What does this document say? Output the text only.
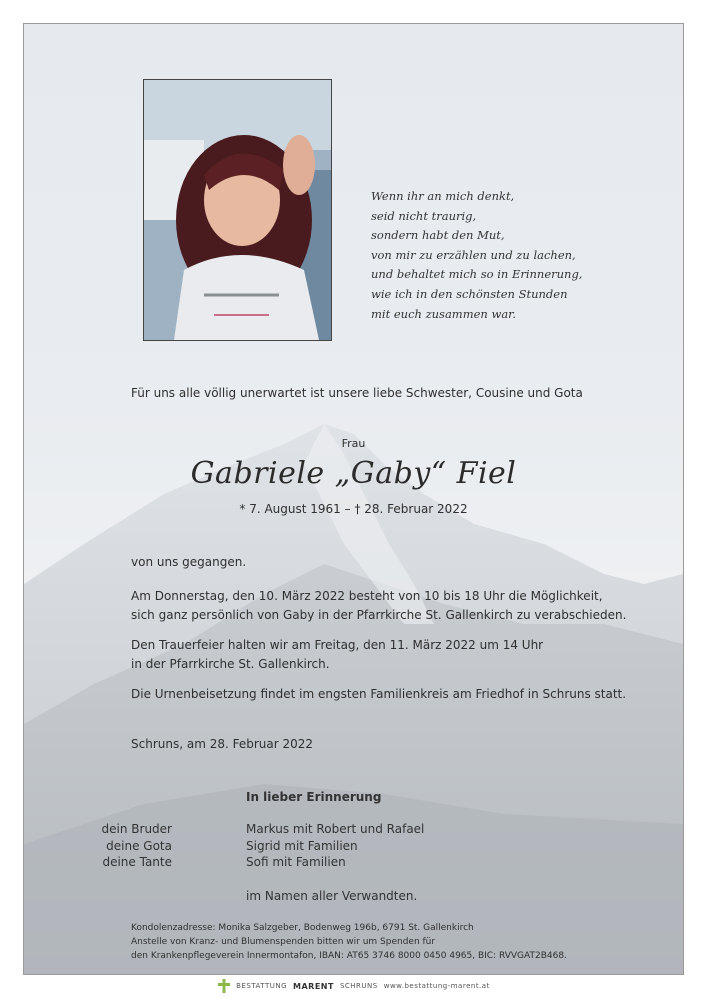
Wenn ihr an mich denkt,
seid nicht traurig,
sondern habt den Mut,
von mir zu erzählen und zu lachen,
und behaltet mich so in Erinnerung,
wie ich in den schönsten Stunden
mit euch zusammen war.
Für uns alle völlig unerwartet ist unsere liebe Schwester, Cousine und Gota
Frau
Gabriele „Gaby“ Fiel
* 7. August 1961 – † 28. Februar 2022
von uns gegangen.
Am Donnerstag, den 10. März 2022 besteht von 10 bis 18 Uhr die Möglichkeit,
sich ganz persönlich von Gaby in der Pfarrkirche St. Gallenkirch zu verabschieden.
Den Trauerfeier halten wir am Freitag, den 11. März 2022 um 14 Uhr
in der Pfarrkirche St. Gallenkirch.
Die Urnenbeisetzung findet im engsten Familienkreis am Friedhof in Schruns statt.
Schruns, am 28. Februar 2022
In lieber Erinnerung
dein Bruder
deine Gota
deine Tante
Markus mit Robert und Rafael
Sigrid mit Familien
Sofi mit Familien
im Namen aller Verwandten.
Kondolenzadresse: Monika Salzgeber, Bodenweg 196b, 6791 St. Gallenkirch
Anstelle von Kranz- und Blumenspenden bitten wir um Spenden für
den Krankenpflegeverein Innermontafon, IBAN: AT65 3746 8000 0450 4965, BIC: RVVGAT2B468.
BESTATTUNG MARENT SCHRUNS www.bestattung-marent.at
